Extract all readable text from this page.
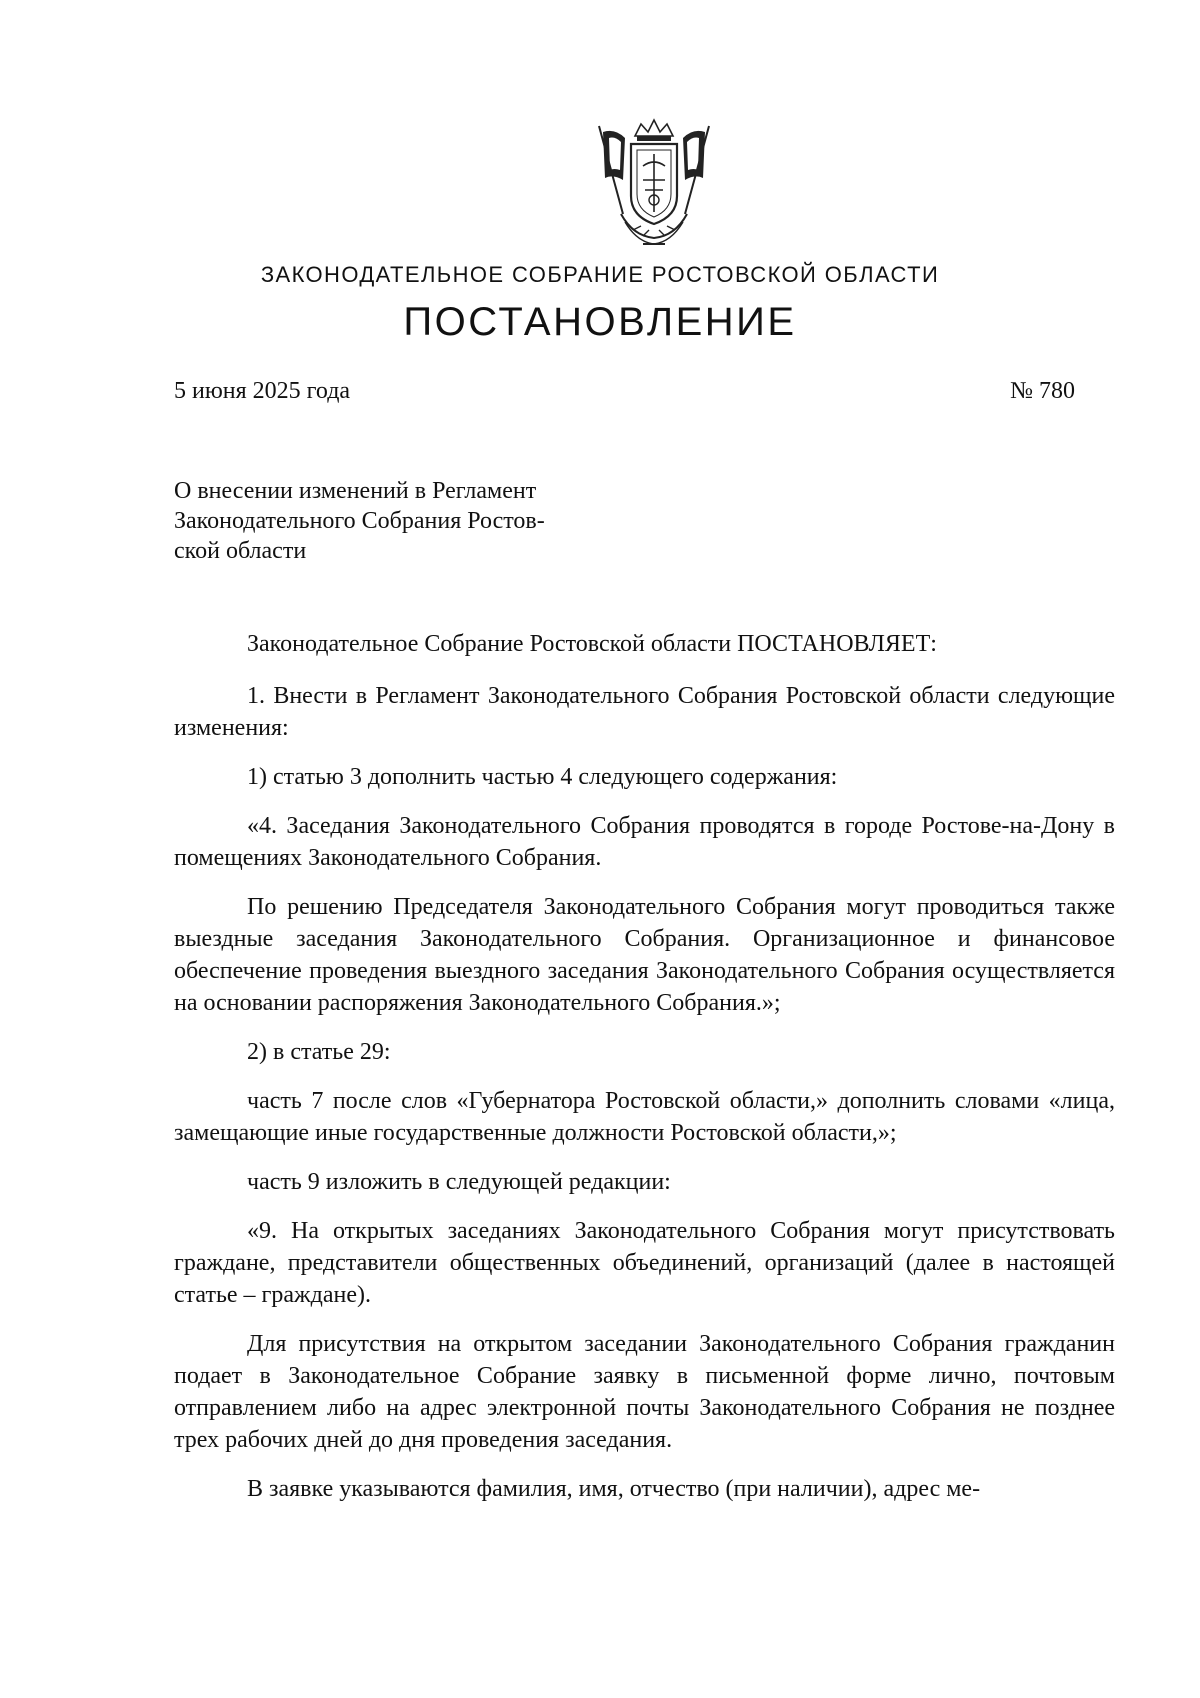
ЗАКОНОДАТЕЛЬНОЕ СОБРАНИЕ РОСТОВСКОЙ ОБЛАСТИ
ПОСТАНОВЛЕНИЕ
5 июня 2025 года	№ 780
О внесении изменений в Регламент
Законодательного Собрания Ростов-
ской области

Законодательное Собрание Ростовской области ПОСТАНОВЛЯЕТ:

1. Внести в Регламент Законодательного Собрания Ростовской области следующие изменения:

1) статью 3 дополнить частью 4 следующего содержания:

«4. Заседания Законодательного Собрания проводятся в городе Ростове-на-Дону в помещениях Законодательного Собрания.

По решению Председателя Законодательного Собрания могут проводиться также выездные заседания Законодательного Собрания. Организационное и финансовое обеспечение проведения выездного заседания Законодательного Собрания осуществляется на основании распоряжения Законодательного Собрания.»;

2) в статье 29:

часть 7 после слов «Губернатора Ростовской области,» дополнить словами «лица, замещающие иные государственные должности Ростовской области,»;

часть 9 изложить в следующей редакции:

«9. На открытых заседаниях Законодательного Собрания могут присутствовать граждане, представители общественных объединений, организаций (далее в настоящей статье – граждане).

Для присутствия на открытом заседании Законодательного Собрания гражданин подает в Законодательное Собрание заявку в письменной форме лично, почтовым отправлением либо на адрес электронной почты Законодательного Собрания не позднее трех рабочих дней до дня проведения заседания.

В заявке указываются фамилия, имя, отчество (при наличии), адрес ме-
